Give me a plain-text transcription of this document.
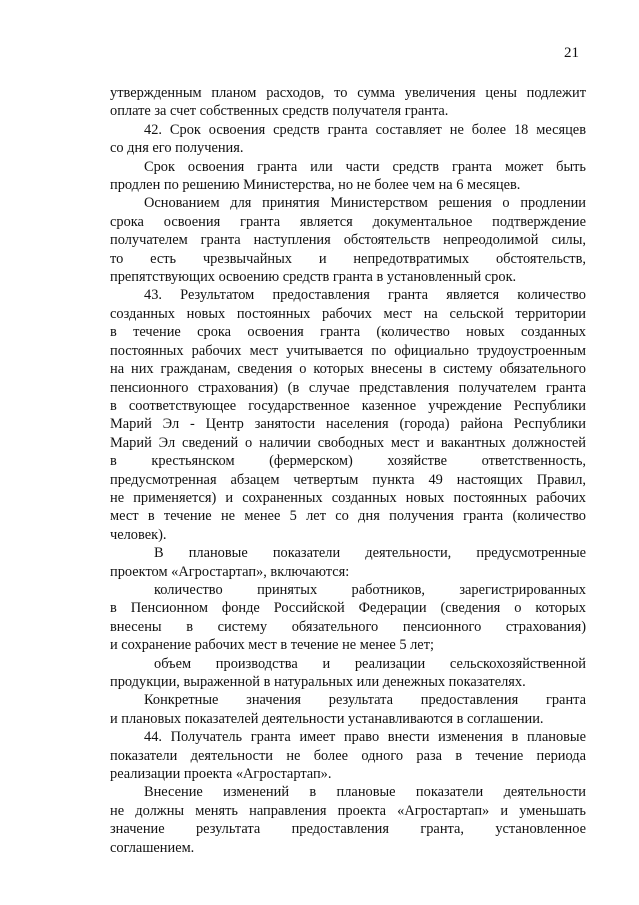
21

утвержденным планом расходов, то сумма увеличения цены подлежит
оплате за счет собственных средств получателя гранта.

42. Срок освоения средств гранта составляет не более 18 месяцев
со дня его получения.

Срок освоения гранта или части средств гранта может быть
продлен по решению Министерства, но не более чем на 6 месяцев.

Основанием для принятия Министерством решения о продлении
срока освоения гранта является документальное подтверждение
получателем гранта наступления обстоятельств непреодолимой силы,
то есть чрезвычайных и непредотвратимых обстоятельств,
препятствующих освоению средств гранта в установленный срок.

43. Результатом предоставления гранта является количество
созданных новых постоянных рабочих мест на сельской территории
в течение срока освоения гранта (количество новых созданных
постоянных рабочих мест учитывается по официально трудоустроенным
на них гражданам, сведения о которых внесены в систему обязательного
пенсионного страхования) (в случае представления получателем гранта
в соответствующее государственное казенное учреждение Республики
Марий Эл - Центр занятости населения (города) района Республики
Марий Эл сведений о наличии свободных мест и вакантных должностей
в крестьянском (фермерском) хозяйстве ответственность,
предусмотренная абзацем четвертым пункта 49 настоящих Правил,
не применяется) и сохраненных созданных новых постоянных рабочих
мест в течение не менее 5 лет со дня получения гранта (количество
человек).

В плановые показатели деятельности, предусмотренные
проектом «Агростартап», включаются:

количество принятых работников, зарегистрированных
в Пенсионном фонде Российской Федерации (сведения о которых
внесены в систему обязательного пенсионного страхования)
и сохранение рабочих мест в течение не менее 5 лет;

объем производства и реализации сельскохозяйственной
продукции, выраженной в натуральных или денежных показателях.

Конкретные значения результата предоставления гранта
и плановых показателей деятельности устанавливаются в соглашении.

44. Получатель гранта имеет право внести изменения в плановые
показатели деятельности не более одного раза в течение периода
реализации проекта «Агростартап».

Внесение изменений в плановые показатели деятельности
не должны менять направления проекта «Агростартап» и уменьшать
значение результата предоставления гранта, установленное
соглашением.
